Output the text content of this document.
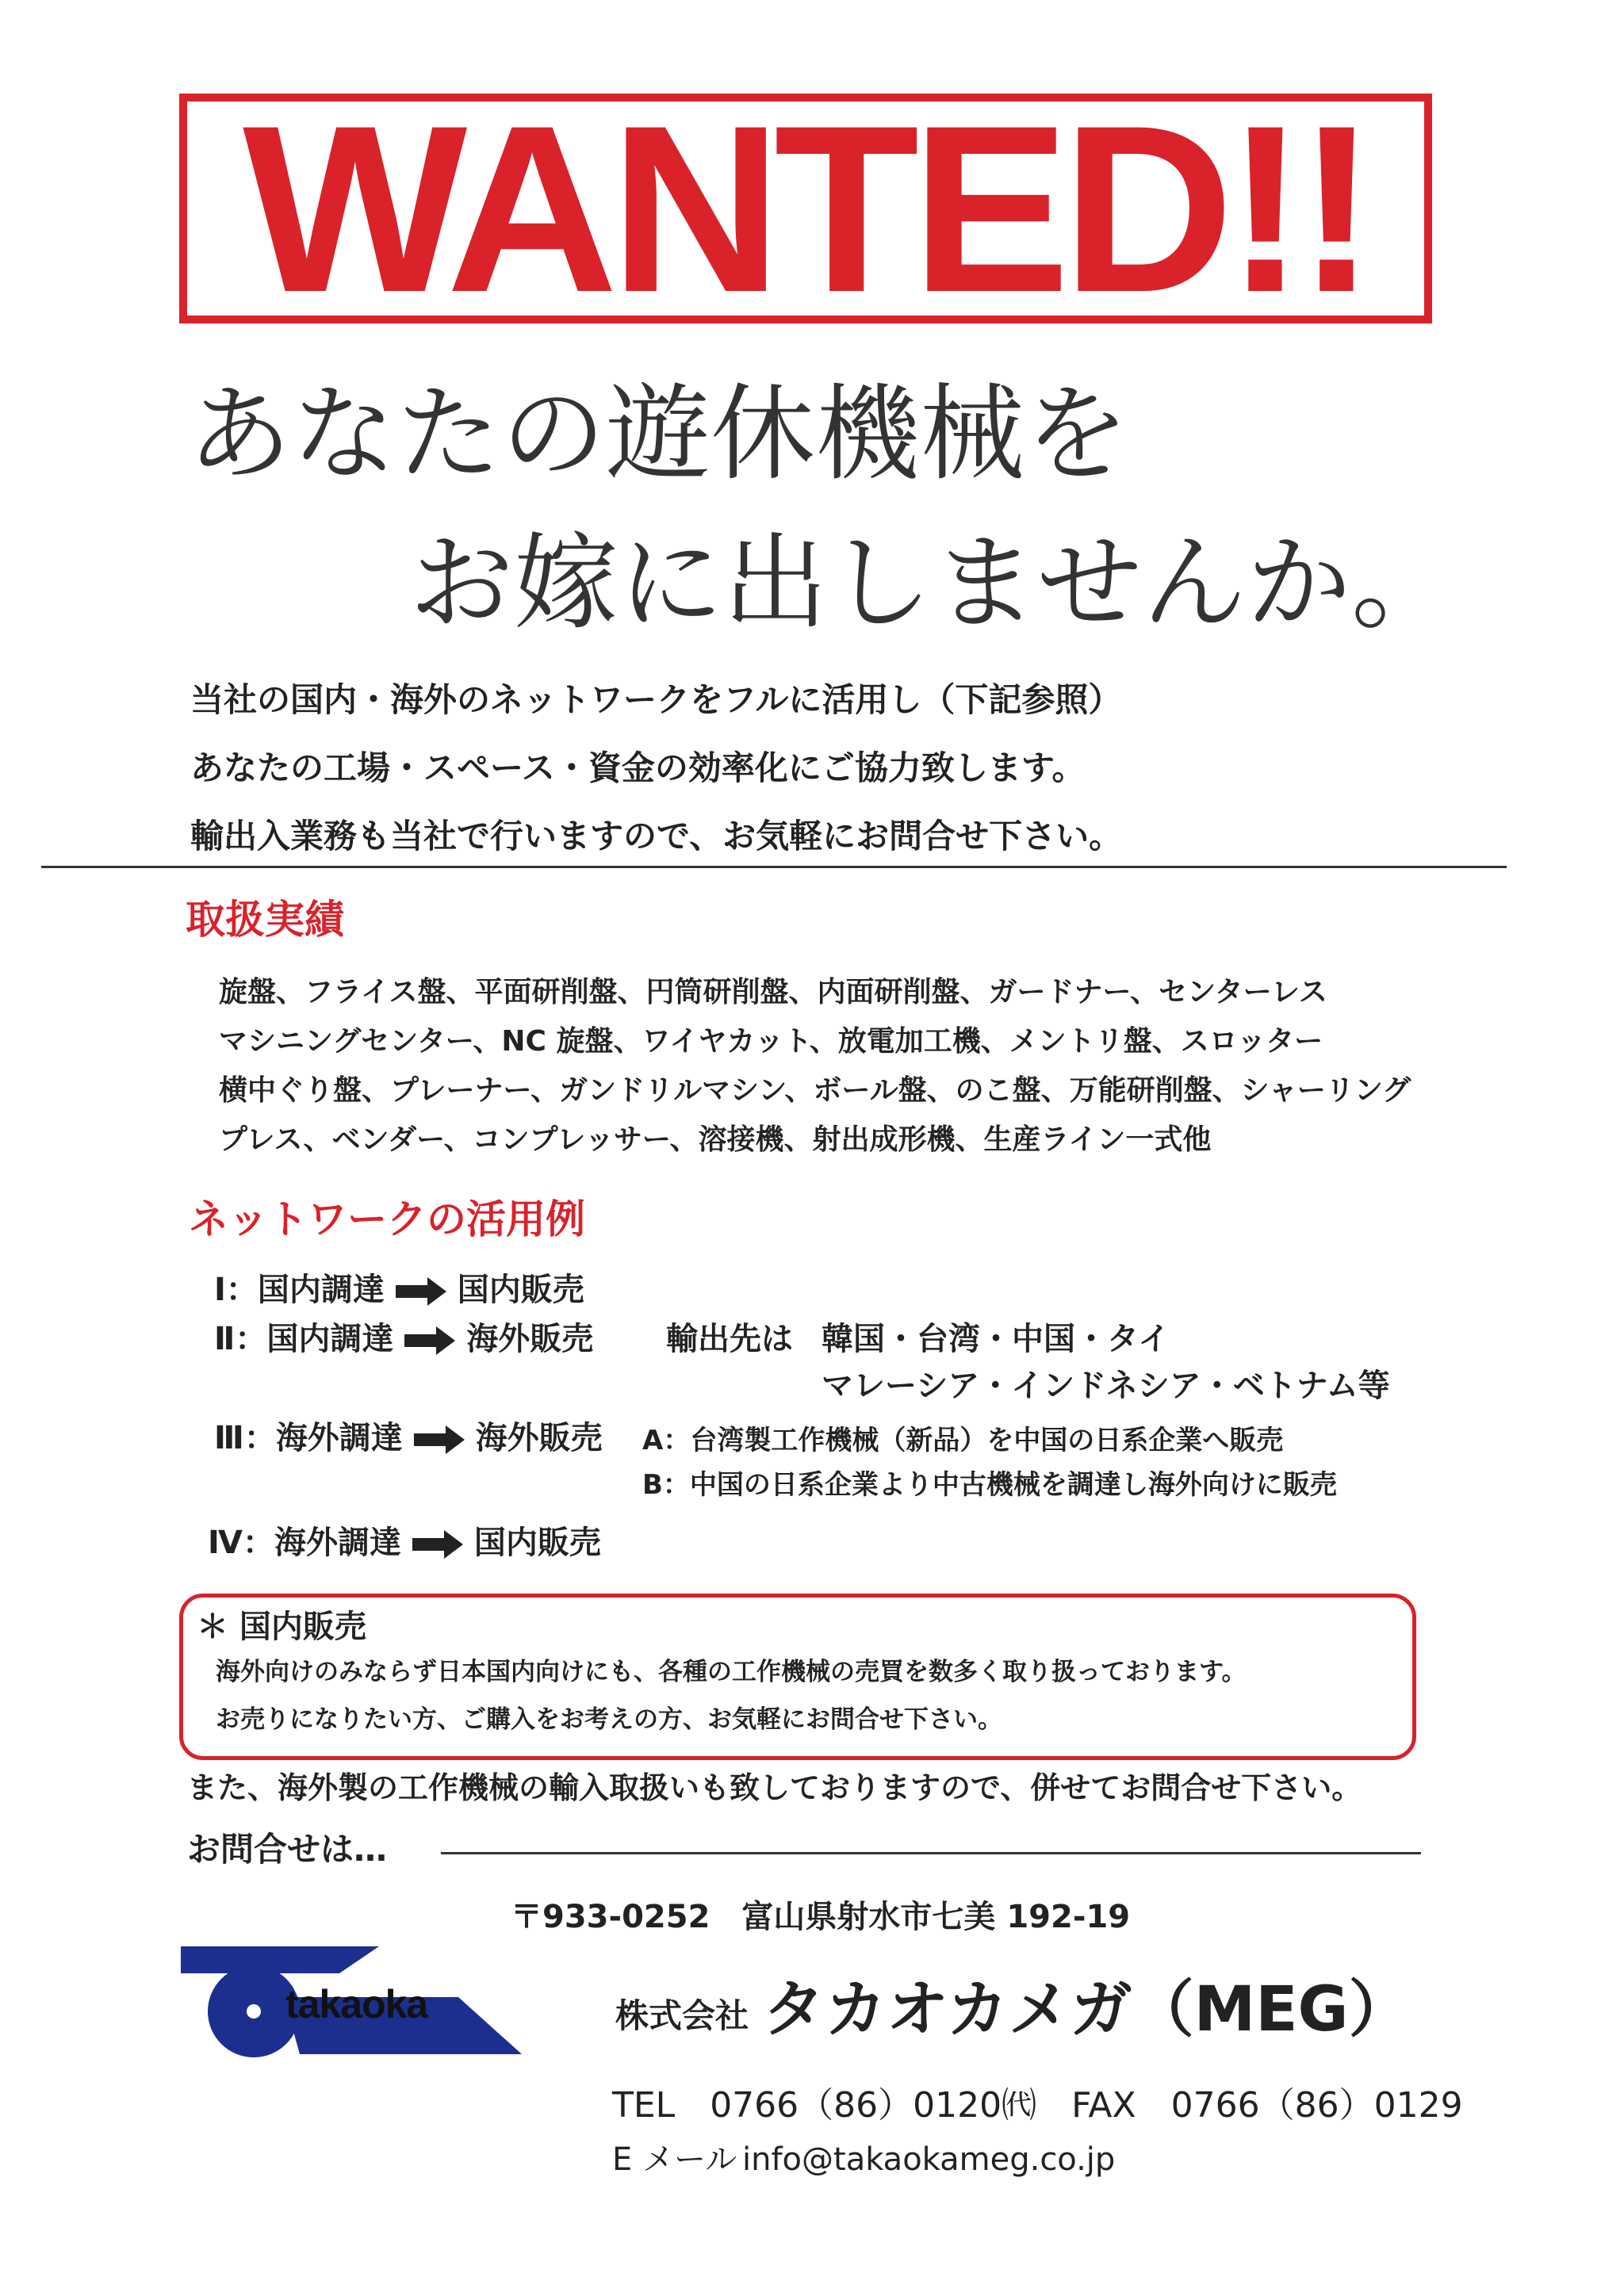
WANTED!!
あなたの遊休機械を
お嫁に出しませんか。
当社の国内・海外のネットワークをフルに活用し（下記参照）
あなたの工場・スペース・資金の効率化にご協力致します。
輸出入業務も当社で行いますので、お気軽にお問合せ下さい。
取扱実績
旋盤、フライス盤、平面研削盤、円筒研削盤、内面研削盤、ガードナー、センターレス
マシニングセンター、NC 旋盤、ワイヤカット、放電加工機、メントリ盤、スロッター
横中ぐり盤、プレーナー、ガンドリルマシン、ボール盤、のこ盤、万能研削盤、シャーリング
プレス、ベンダー、コンプレッサー、溶接機、射出成形機、生産ライン一式他
ネットワークの活用例
Ⅰ：国内調達 国内販売
Ⅱ：国内調達 海外販売 輸出先は 韓国・台湾・中国・タイ
マレーシア・インドネシア・ベトナム等
Ⅲ：海外調達 海外販売 A：台湾製工作機械（新品）を中国の日系企業へ販売
B：中国の日系企業より中古機械を調達し海外向けに販売
Ⅳ：海外調達 国内販売
＊ 国内販売
海外向けのみならず日本国内向けにも、各種の工作機械の売買を数多く取り扱っております。
お売りになりたい方、ご購入をお考えの方、お気軽にお問合せ下さい。
また、海外製の工作機械の輸入取扱いも致しておりますので、併せてお問合せ下さい。
お問合せは…
〒933-0252　富山県射水市七美 192-19
takaoka	株式会社 タカオカメガ（MEG）
TEL　0766（86）0120㈹　FAX　0766（86）0129
E メール info@takaokameg.co.jp
